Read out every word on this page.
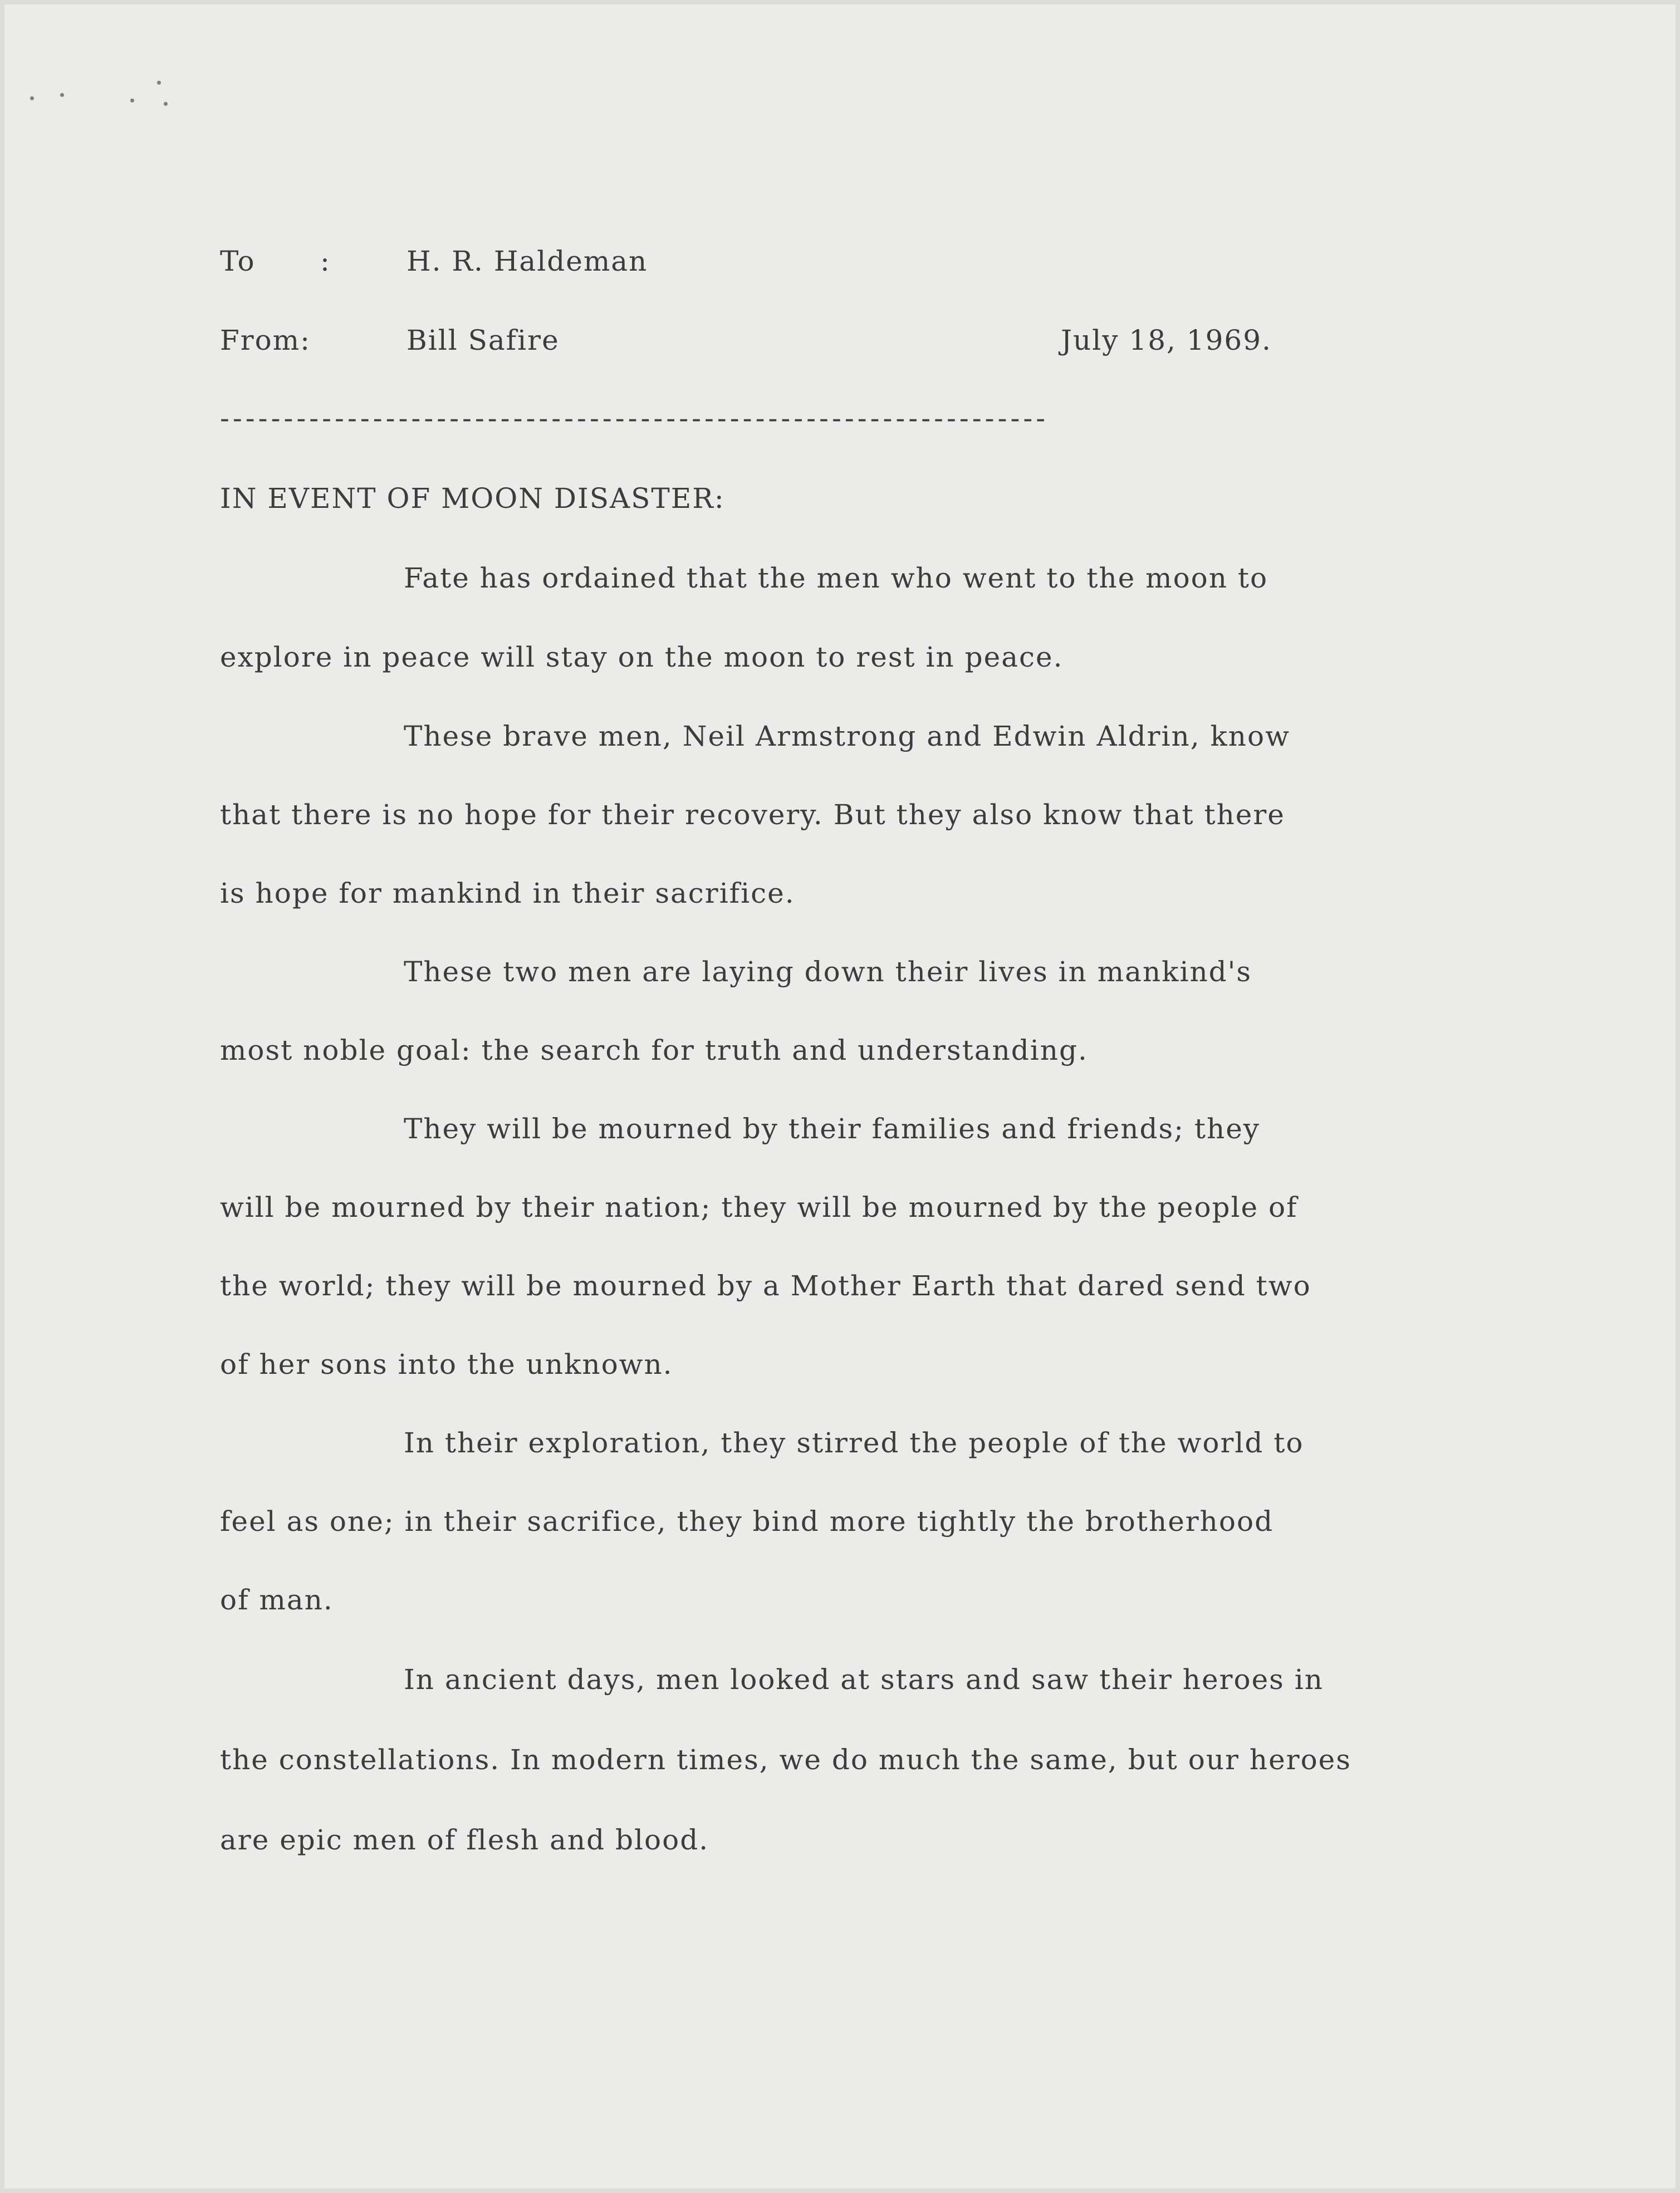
To :	H. R. Haldeman
From:	Bill Safire	July 18, 1969.
-----------------------------------------------------------------
IN EVENT OF MOON DISASTER:
Fate has ordained that the men who went to the moon to
explore in peace will stay on the moon to rest in peace.
These brave men, Neil Armstrong and Edwin Aldrin, know
that there is no hope for their recovery. But they also know that there
is hope for mankind in their sacrifice.
These two men are laying down their lives in mankind's
most noble goal: the search for truth and understanding.
They will be mourned by their families and friends; they
will be mourned by their nation; they will be mourned by the people of
the world; they will be mourned by a Mother Earth that dared send two
of her sons into the unknown.
In their exploration, they stirred the people of the world to
feel as one; in their sacrifice, they bind more tightly the brotherhood
of man.
In ancient days, men looked at stars and saw their heroes in
the constellations. In modern times, we do much the same, but our heroes
are epic men of flesh and blood.
